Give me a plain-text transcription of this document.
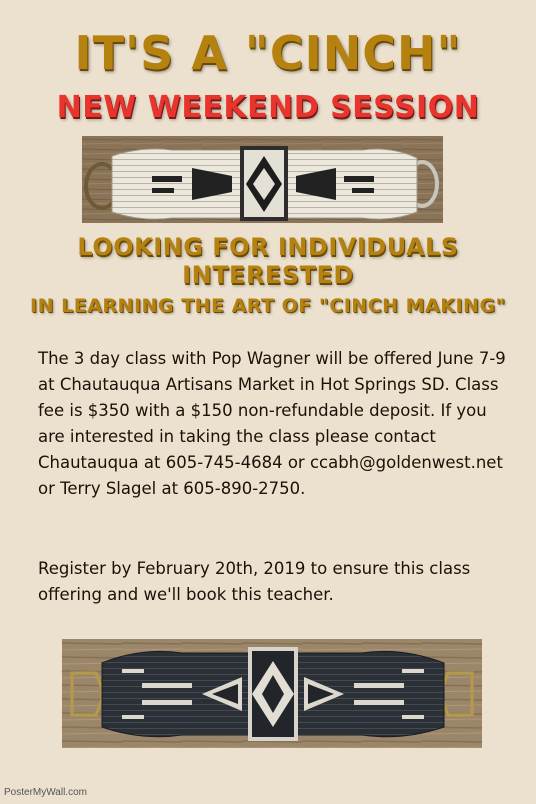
IT'S A "CINCH"
NEW WEEKEND SESSION
LOOKING FOR INDIVIDUALS INTERESTED
IN LEARNING THE ART OF "CINCH MAKING"
The 3 day class with Pop Wagner will be offered June 7-9
at Chautauqua Artisans Market in Hot Springs SD. Class
fee is $350 with a $150 non-refundable deposit. If you
are interested in taking the class please contact
Chautauqua at 605-745-4684 or ccabh@goldenwest.net
or Terry Slagel at 605-890-2750.
Register by February 20th, 2019 to ensure this class
offering and we'll book this teacher.
PosterMyWall.com
